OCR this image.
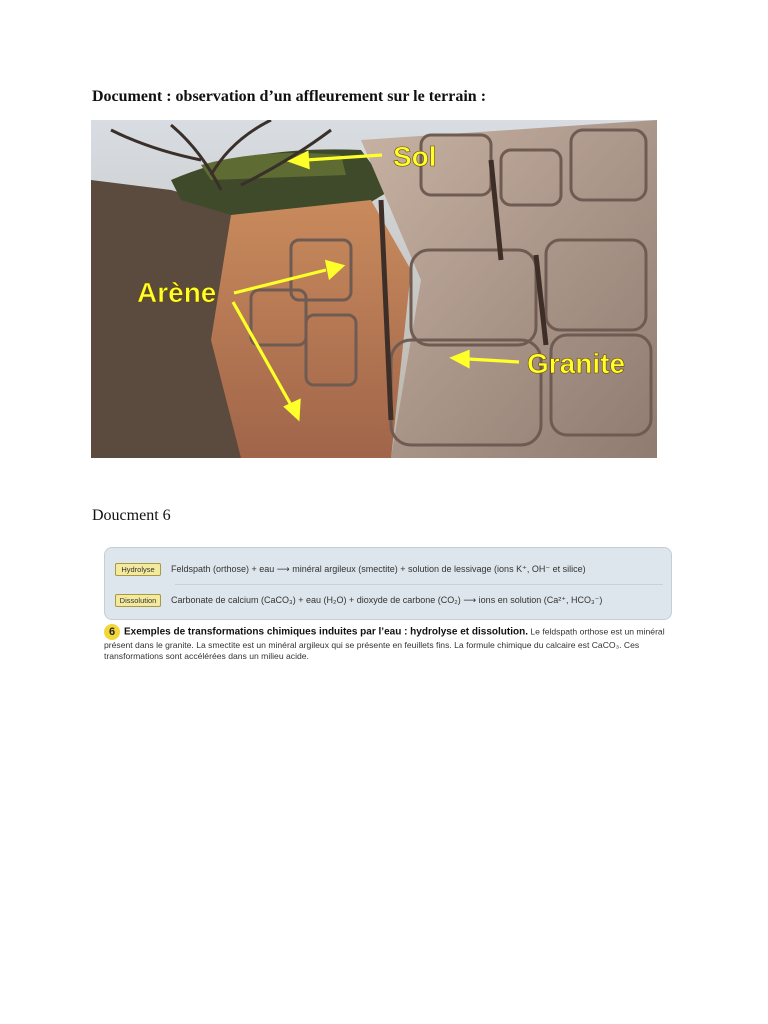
Document : observation d’un affleurement sur le terrain :
Sol
Arène
Granite
Doucment 6
Hydrolyse	Feldspath (orthose) + eau ⟶ minéral argileux (smectite) + solution de lessivage (ions K⁺, OH⁻ et silice)
Dissolution	Carbonate de calcium (CaCO₃) + eau (H₂O) + dioxyde de carbone (CO₂) ⟶ ions en solution (Ca²⁺, HCO₃⁻)
6 Exemples de transformations chimiques induites par l’eau : hydrolyse et dissolution. Le feldspath orthose est un minéral présent dans le granite. La smectite est un minéral argileux qui se présente en feuillets fins. La formule chimique du calcaire est CaCO₃. Ces transformations sont accélérées dans un milieu acide.
